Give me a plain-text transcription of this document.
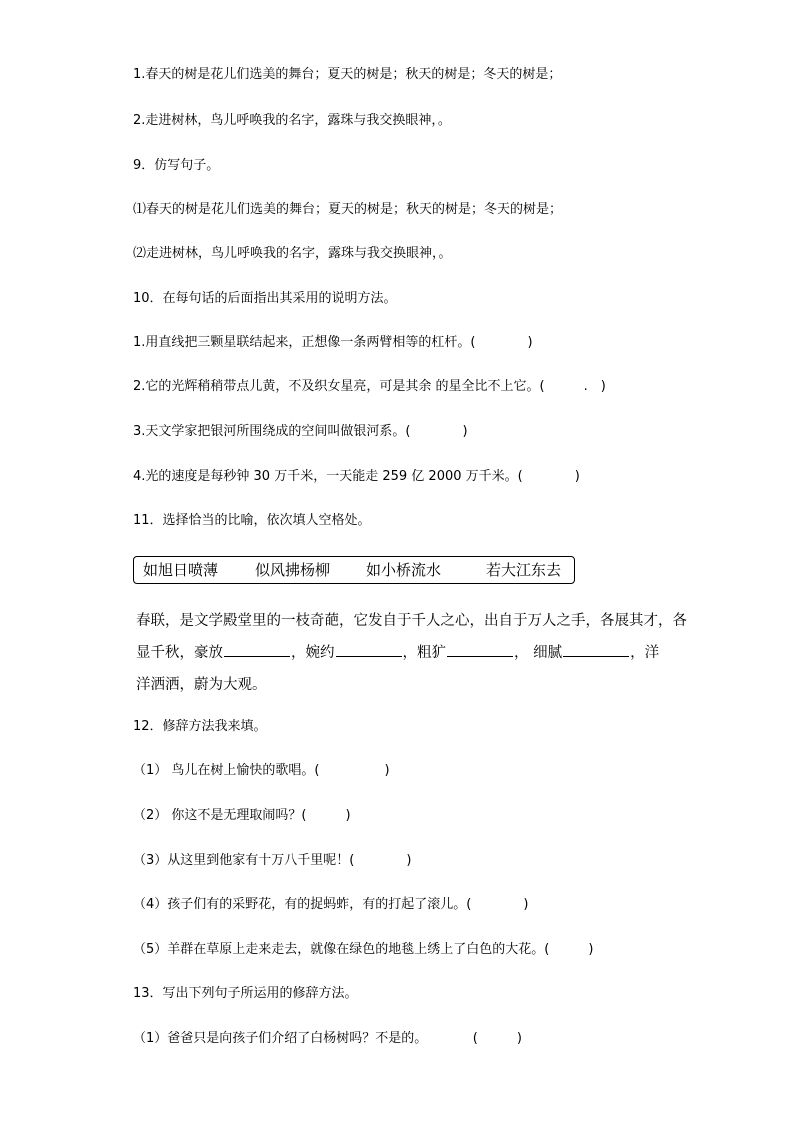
1.春天的树是花儿们选美的舞台；夏天的树是；秋天的树是；冬天的树是；
2.走进树林，鸟儿呼唤我的名字，露珠与我交换眼神，。
9．仿写句子。
⑴春天的树是花儿们选美的舞台；夏天的树是；秋天的树是；冬天的树是；
⑵走进树林，鸟儿呼唤我的名字，露珠与我交换眼神，。
10．在每句话的后面指出其采用的说明方法。
1.用直线把三颗星联结起来，正想像一条两臂相等的杠杆。(　　　　)
2.它的光辉稍稍带点儿黄，不及织女星亮，可是其余 的星全比不上它。(　　　.　)
3.天文学家把银河所围绕成的空间叫做银河系。(　　　　)
4.光的速度是每秒钟 30 万千米，一天能走 259 亿 2000 万千米。(　　　　)
11．选择恰当的比喻，依次填人空格处。
如旭日喷薄 似风拂杨柳 如小桥流水	若大江东去
春联，是文学殿堂里的一枝奇葩，它发自于千人之心，出自于万人之手，各展其才，各
显千秋，豪放	，婉约	，粗犷	， 细腻	，洋
洋洒洒，蔚为大观。
12．修辞方法我来填。
（1） 鸟儿在树上愉快的歌唱。(　　　　　)
（2） 你这不是无理取闹吗？(　　　)
（3）从这里到他家有十万八千里呢！(　　　　)
（4）孩子们有的采野花，有的捉蚂蚱，有的打起了滚儿。(　　　　)
（5）羊群在草原上走来走去，就像在绿色的地毯上绣上了白色的大花。(　　　)
13．写出下列句子所运用的修辞方法。
（1）爸爸只是向孩子们介绍了白杨树吗？不是的。　　　　(　　　)
